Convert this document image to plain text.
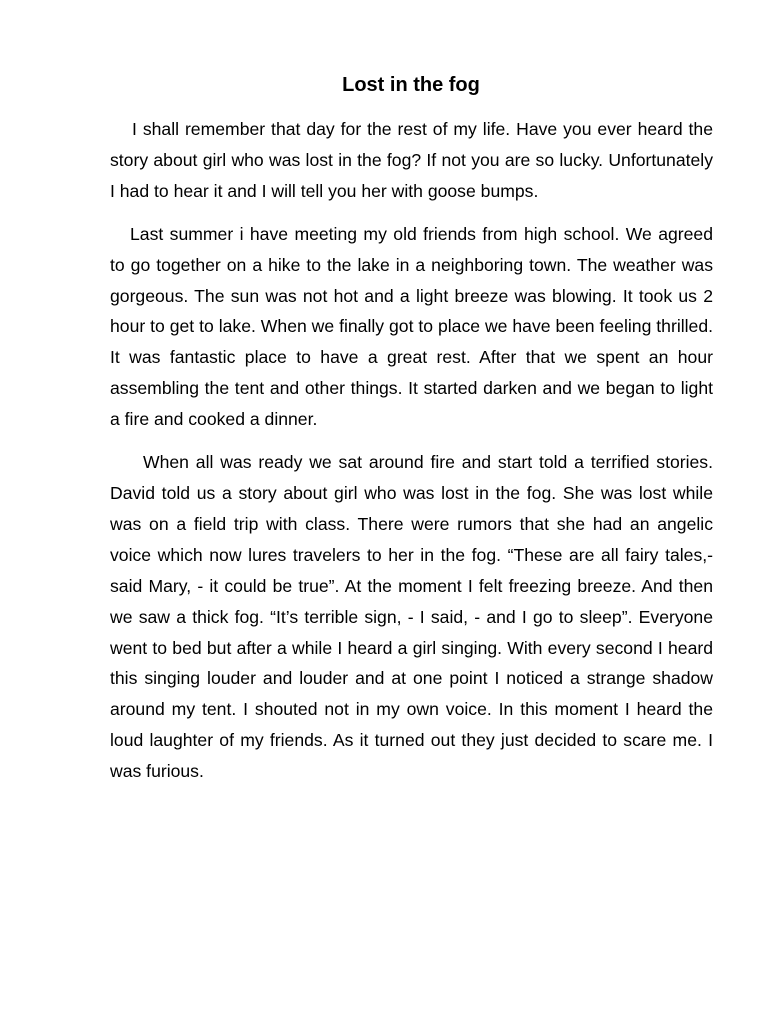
Lost in the fog

I shall remember that day for the rest of my life. Have you ever heard the story about girl who was lost in the fog? If not you are so lucky. Unfortunately I had to hear it and I will tell you her with goose bumps.

Last summer i have meeting my old friends from high school. We agreed to go together on a hike to the lake in a neighboring town. The weather was gorgeous. The sun was not hot and a light breeze was blowing. It took us 2 hour to get to lake. When we finally got to place we have been feeling thrilled. It was fantastic place to have a great rest. After that we spent an hour assembling the tent and other things. It started darken and we began to light a fire and cooked a dinner.

When all was ready we sat around fire and start told a terrified stories. David told us a story about girl who was lost in the fog. She was lost while was on a field trip with class. There were rumors that she had an angelic voice which now lures travelers to her in the fog. “These are all fairy tales,-said Mary, - it could be true”. At the moment I felt freezing breeze. And then we saw a thick fog. “It’s terrible sign, - I said, - and I go to sleep”. Everyone went to bed but after a while I heard a girl singing. With every second I heard this singing louder and louder and at one point I noticed a strange shadow around my tent. I shouted not in my own voice. In this moment I heard the loud laughter of my friends. As it turned out they just decided to scare me. I was furious.
